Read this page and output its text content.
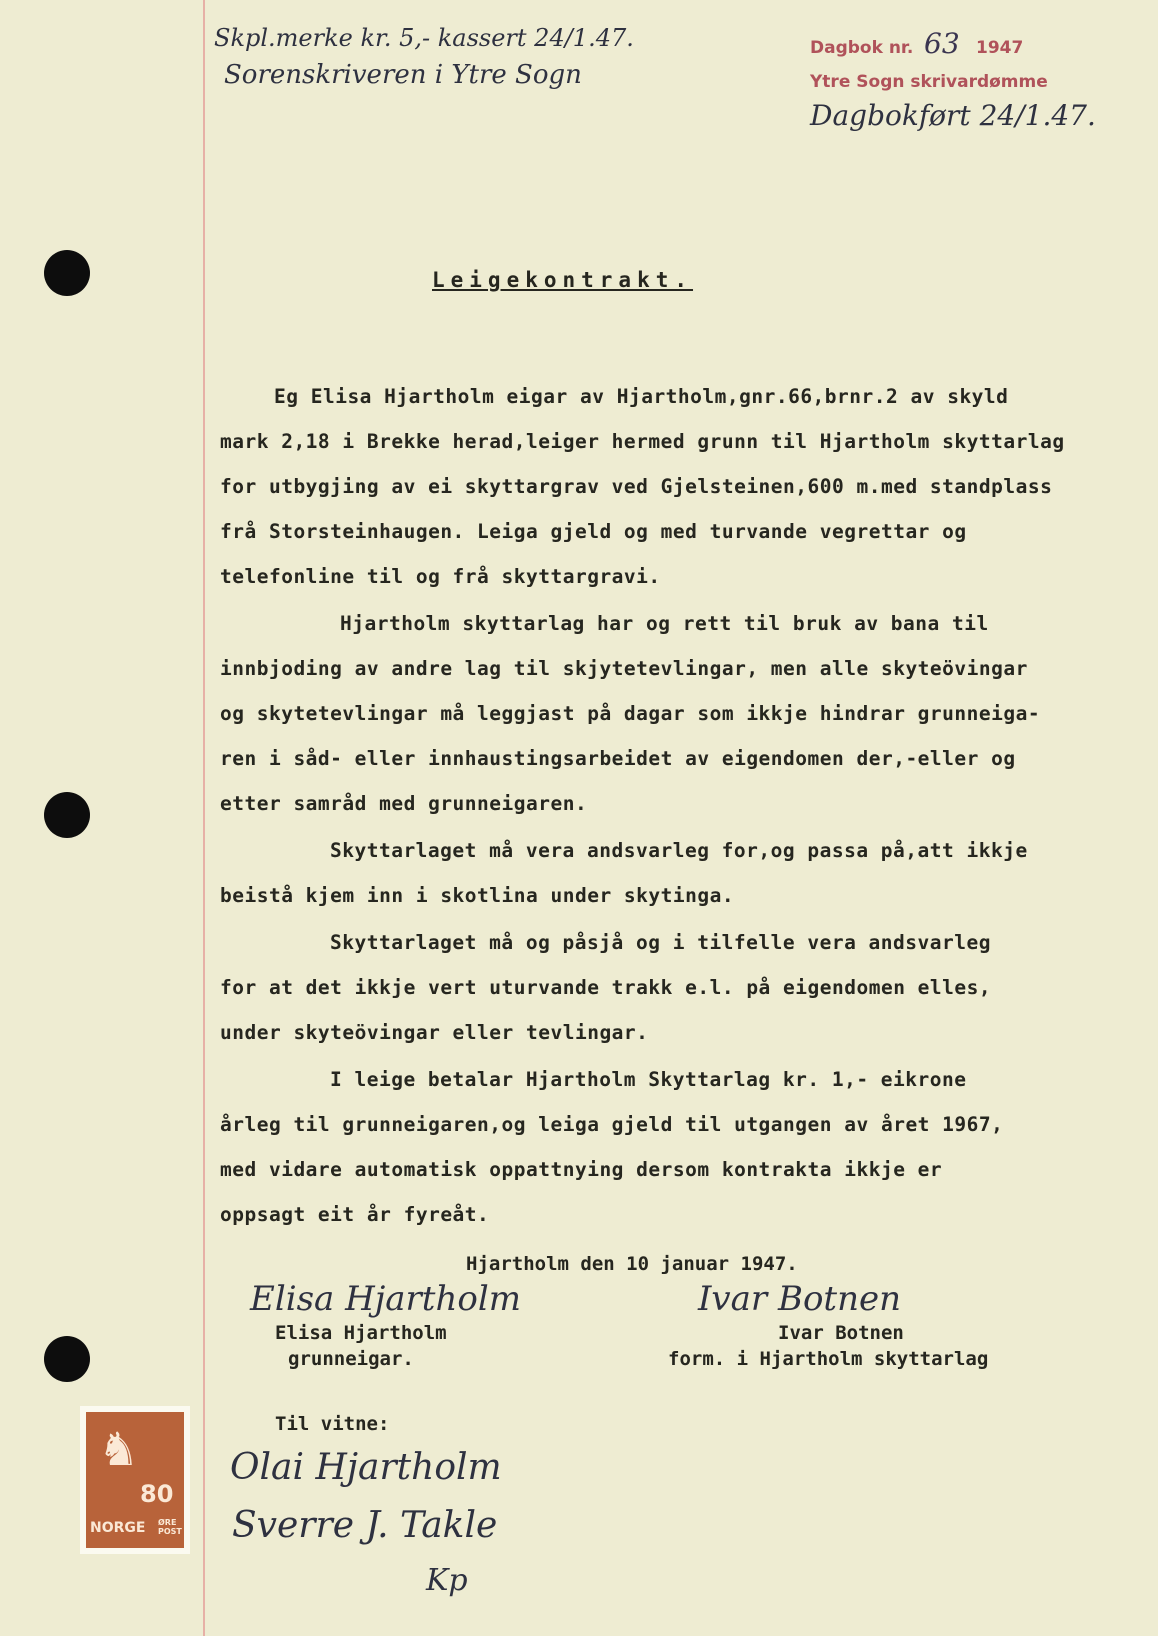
Skpl.merke kr. 5,- kassert 24/1.47.
Sorenskriveren i Ytre Sogn
Dagbok nr. 63 1947
Ytre Sogn skrivardømme
Dagbokført 24/1.47.
Leigekontrakt.
Eg Elisa Hjartholm eigar av Hjartholm,gnr.66,brnr.2 av skyld
mark 2,18 i Brekke herad,leiger hermed grunn til Hjartholm skyttarlag
for utbygjing av ei skyttargrav ved Gjelsteinen,600 m.med standplass
frå Storsteinhaugen. Leiga gjeld og med turvande vegrettar og
telefonline til og frå skyttargravi.
Hjartholm skyttarlag har og rett til bruk av bana til
innbjoding av andre lag til skjytetevlingar, men alle skyteövingar
og skytetevlingar må leggjast på dagar som ikkje hindrar grunneiga-
ren i såd- eller innhaustingsarbeidet av eigendomen der,-eller og
etter samråd med grunneigaren.
Skyttarlaget må vera andsvarleg for,og passa på,att ikkje
beistå kjem inn i skotlina under skytinga.
Skyttarlaget må og påsjå og i tilfelle vera andsvarleg
for at det ikkje vert uturvande trakk e.l. på eigendomen elles,
under skyteövingar eller tevlingar.
I leige betalar Hjartholm Skyttarlag kr. 1,- eikrone
årleg til grunneigaren,og leiga gjeld til utgangen av året 1967,
med vidare automatisk oppattnying dersom kontrakta ikkje er
oppsagt eit år fyreåt.
Hjartholm den 10 januar 1947.
Elisa Hjartholm
Elisa Hjartholm
grunneigar.
Ivar Botnen
Ivar Botnen
form. i Hjartholm skyttarlag
Til vitne:
Olai Hjartholm
Sverre J. Takle
Kp
♞
80
NORGE ØRE POST
